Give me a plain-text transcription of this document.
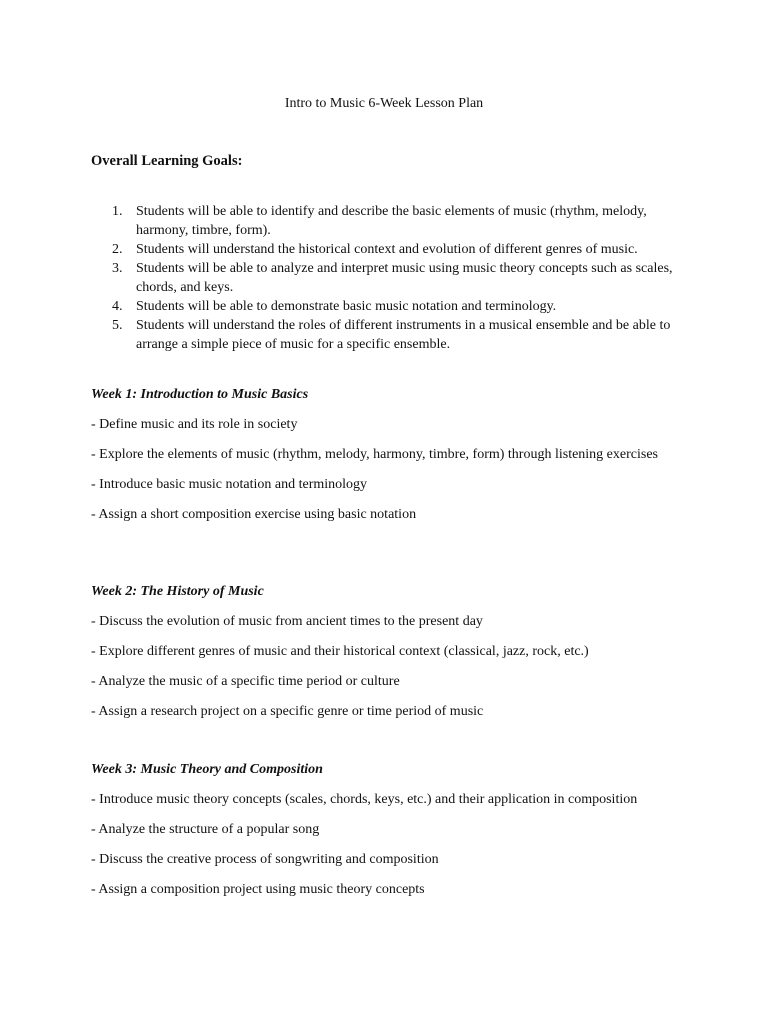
Intro to Music 6-Week Lesson Plan
Overall Learning Goals:
1. Students will be able to identify and describe the basic elements of music (rhythm, melody, harmony, timbre, form).
2. Students will understand the historical context and evolution of different genres of music.
3. Students will be able to analyze and interpret music using music theory concepts such as scales, chords, and keys.
4. Students will be able to demonstrate basic music notation and terminology.
5. Students will understand the roles of different instruments in a musical ensemble and be able to arrange a simple piece of music for a specific ensemble.
Week 1: Introduction to Music Basics
- Define music and its role in society
- Explore the elements of music (rhythm, melody, harmony, timbre, form) through listening exercises
- Introduce basic music notation and terminology
- Assign a short composition exercise using basic notation
Week 2: The History of Music
- Discuss the evolution of music from ancient times to the present day
- Explore different genres of music and their historical context (classical, jazz, rock, etc.)
- Analyze the music of a specific time period or culture
- Assign a research project on a specific genre or time period of music
Week 3: Music Theory and Composition
- Introduce music theory concepts (scales, chords, keys, etc.) and their application in composition
- Analyze the structure of a popular song
- Discuss the creative process of songwriting and composition
- Assign a composition project using music theory concepts
